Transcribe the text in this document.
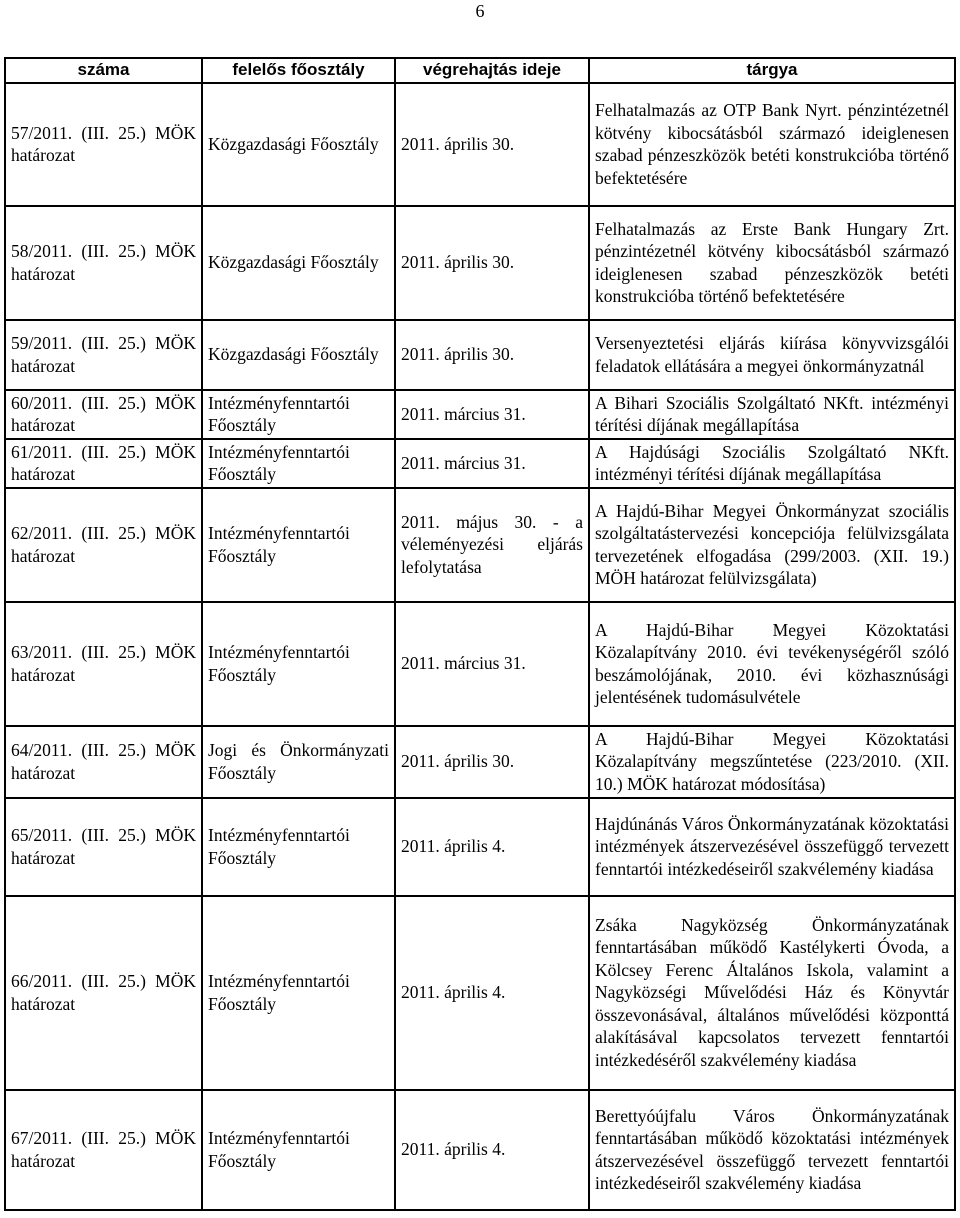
6
száma	felelős főosztály	végrehajtás ideje	tárgya
57/2011. (III. 25.) MÖK határozat	Közgazdasági Főosztály	2011. április 30.	Felhatalmazás az OTP Bank Nyrt. pénzintézetnél kötvény kibocsátásból származó ideiglenesen szabad pénzeszközök betéti konstrukcióba történő befektetésére
58/2011. (III. 25.) MÖK határozat	Közgazdasági Főosztály	2011. április 30.	Felhatalmazás az Erste Bank Hungary Zrt. pénzintézetnél kötvény kibocsátásból származó ideiglenesen szabad pénzeszközök betéti konstrukcióba történő befektetésére
59/2011. (III. 25.) MÖK határozat	Közgazdasági Főosztály	2011. április 30.	Versenyeztetési eljárás kiírása könyvvizsgálói feladatok ellátására a megyei önkormányzatnál
60/2011. (III. 25.) MÖK határozat	Intézményfenntartói Főosztály	2011. március 31.	A Bihari Szociális Szolgáltató NKft. intézményi térítési díjának megállapítása
61/2011. (III. 25.) MÖK határozat	Intézményfenntartói Főosztály	2011. március 31.	A Hajdúsági Szociális Szolgáltató NKft. intézményi térítési díjának megállapítása
62/2011. (III. 25.) MÖK határozat	Intézményfenntartói Főosztály	2011. május 30. - a véleményezési eljárás lefolytatása	A Hajdú-Bihar Megyei Önkormányzat szociális szolgáltatástervezési koncepciója felülvizsgálata tervezetének elfogadása (299/2003. (XII. 19.) MÖH határozat felülvizsgálata)
63/2011. (III. 25.) MÖK határozat	Intézményfenntartói Főosztály	2011. március 31.	A Hajdú-Bihar Megyei Közoktatási Közalapítvány 2010. évi tevékenységéről szóló beszámolójának, 2010. évi közhasznúsági jelentésének tudomásulvétele
64/2011. (III. 25.) MÖK határozat	Jogi és Önkormányzati Főosztály	2011. április 30.	A Hajdú-Bihar Megyei Közoktatási Közalapítvány megszűntetése (223/2010. (XII. 10.) MÖK határozat módosítása)
65/2011. (III. 25.) MÖK határozat	Intézményfenntartói Főosztály	2011. április 4.	Hajdúnánás Város Önkormányzatának közoktatási intézmények átszervezésével összefüggő tervezett fenntartói intézkedéseiről szakvélemény kiadása
66/2011. (III. 25.) MÖK határozat	Intézményfenntartói Főosztály	2011. április 4.	Zsáka Nagyközség Önkormányzatának fenntartásában működő Kastélykerti Óvoda, a Kölcsey Ferenc Általános Iskola, valamint a Nagyközségi Művelődési Ház és Könyvtár összevonásával, általános művelődési központtá alakításával kapcsolatos tervezett fenntartói intézkedéséről szakvélemény kiadása
67/2011. (III. 25.) MÖK határozat	Intézményfenntartói Főosztály	2011. április 4.	Berettyóújfalu Város Önkormányzatának fenntartásában működő közoktatási intézmények átszervezésével összefüggő tervezett fenntartói intézkedéseiről szakvélemény kiadása
